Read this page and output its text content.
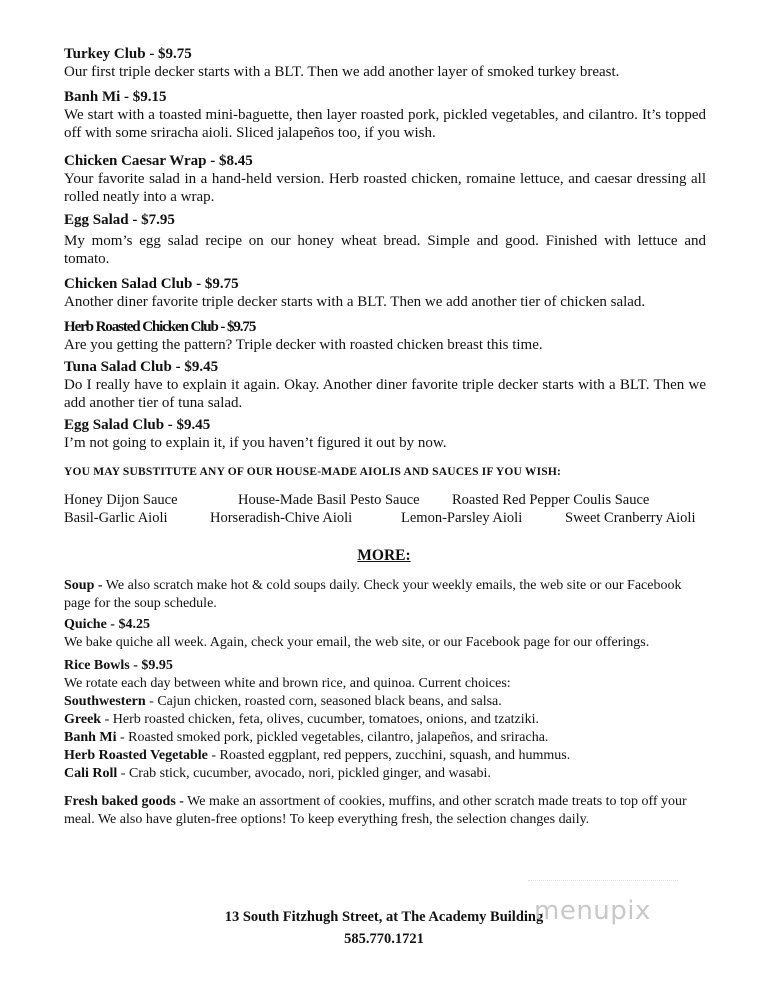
Turkey Club - $9.75
Our first triple decker starts with a BLT. Then we add another layer of smoked turkey breast.
Banh Mi - $9.15
We start with a toasted mini-baguette, then layer roasted pork, pickled vegetables, and cilantro. It’s topped off with some sriracha aioli. Sliced jalapeños too, if you wish.
Chicken Caesar Wrap - $8.45
Your favorite salad in a hand-held version. Herb roasted chicken, romaine lettuce, and caesar dressing all rolled neatly into a wrap.
Egg Salad - $7.95
My mom’s egg salad recipe on our honey wheat bread. Simple and good. Finished with lettuce and tomato.
Chicken Salad Club - $9.75
Another diner favorite triple decker starts with a BLT. Then we add another tier of chicken salad.
Herb Roasted Chicken Club - $9.75
Are you getting the pattern? Triple decker with roasted chicken breast this time.
Tuna Salad Club - $9.45
Do I really have to explain it again. Okay. Another diner favorite triple decker starts with a BLT. Then we add another tier of tuna salad.
Egg Salad Club - $9.45
I’m not going to explain it, if you haven’t figured it out by now.
YOU MAY SUBSTITUTE ANY OF OUR HOUSE-MADE AIOLIS AND SAUCES IF YOU WISH:
Honey Dijon Sauce	House-Made Basil Pesto Sauce Roasted Red Pepper Coulis Sauce
Basil-Garlic Aioli	Horseradish-Chive Aioli	Lemon-Parsley Aioli	Sweet Cranberry Aioli
MORE:
Soup - We also scratch make hot & cold soups daily. Check your weekly emails, the web site or our Facebook page for the soup schedule.
Quiche - $4.25
We bake quiche all week. Again, check your email, the web site, or our Facebook page for our offerings.
Rice Bowls - $9.95
We rotate each day between white and brown rice, and quinoa. Current choices:
Southwestern - Cajun chicken, roasted corn, seasoned black beans, and salsa.
Greek - Herb roasted chicken, feta, olives, cucumber, tomatoes, onions, and tzatziki.
Banh Mi - Roasted smoked pork, pickled vegetables, cilantro, jalapeños, and sriracha.
Herb Roasted Vegetable - Roasted eggplant, red peppers, zucchini, squash, and hummus.
Cali Roll - Crab stick, cucumber, avocado, nori, pickled ginger, and wasabi.
Fresh baked goods - We make an assortment of cookies, muffins, and other scratch made treats to top off your meal. We also have gluten-free options! To keep everything fresh, the selection changes daily.
13 South Fitzhugh Street, at The Academy Building
585.770.1721
menupix
